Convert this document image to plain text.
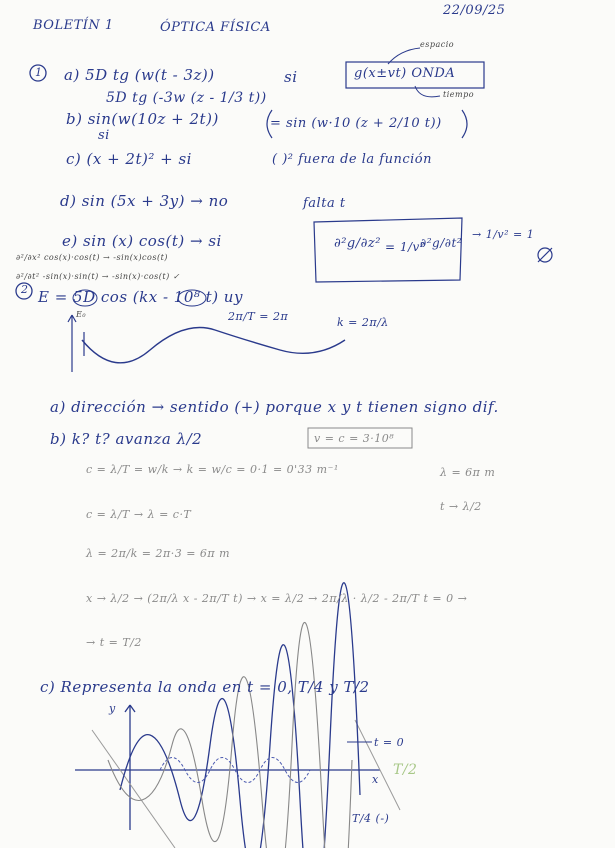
BOLETÍN 1	ÓPTICA FÍSICA
22/09/25
1 a) 5D tg (w(t - 3z))	si
5D tg (-3w (z - 1/3 t))
g(x±vt) ONDA
espacio
tiempo
b) sin(w(10z + 2t))	= sin (w·10 (z + 2/10 t))
si
c) (x + 2t)² + si	( )² fuera de la función
d) sin (5x + 3y) → no	falta t
e) sin (x) cos(t) → si
∂²/∂x² cos(x)·cos(t) → -sin(x)cos(t)
∂²/∂t² -sin(x)·sin(t) → -sin(x)·cos(t) ✓
∂²g/∂z² = 1/v²
∂²g/∂t²
→ 1/v² = 1
2 E = 5D cos (kx - 10⁸ t) uy
E₀	2π/T = 2π	k = 2π/λ
a) dirección → sentido (+) porque x y t tienen signo dif.
b) k? t? avanza λ/2	v = c = 3·10⁸
c = λ/T = w/k → k = w/c = 0·1 = 0'33 m⁻¹	λ = 6π m
c = λ/T → λ = c·T
t → λ/2
λ = 2π/k = 2π·3 = 6π m
x → λ/2 → (2π/λ x - 2π/T t) → x = λ/2 → 2π/λ · λ/2 - 2π/T t = 0 →
→ t = T/2
c) Representa la onda en t = 0, T/4 y T/2
y
x
t = 0
T/2
T/4 (-)
